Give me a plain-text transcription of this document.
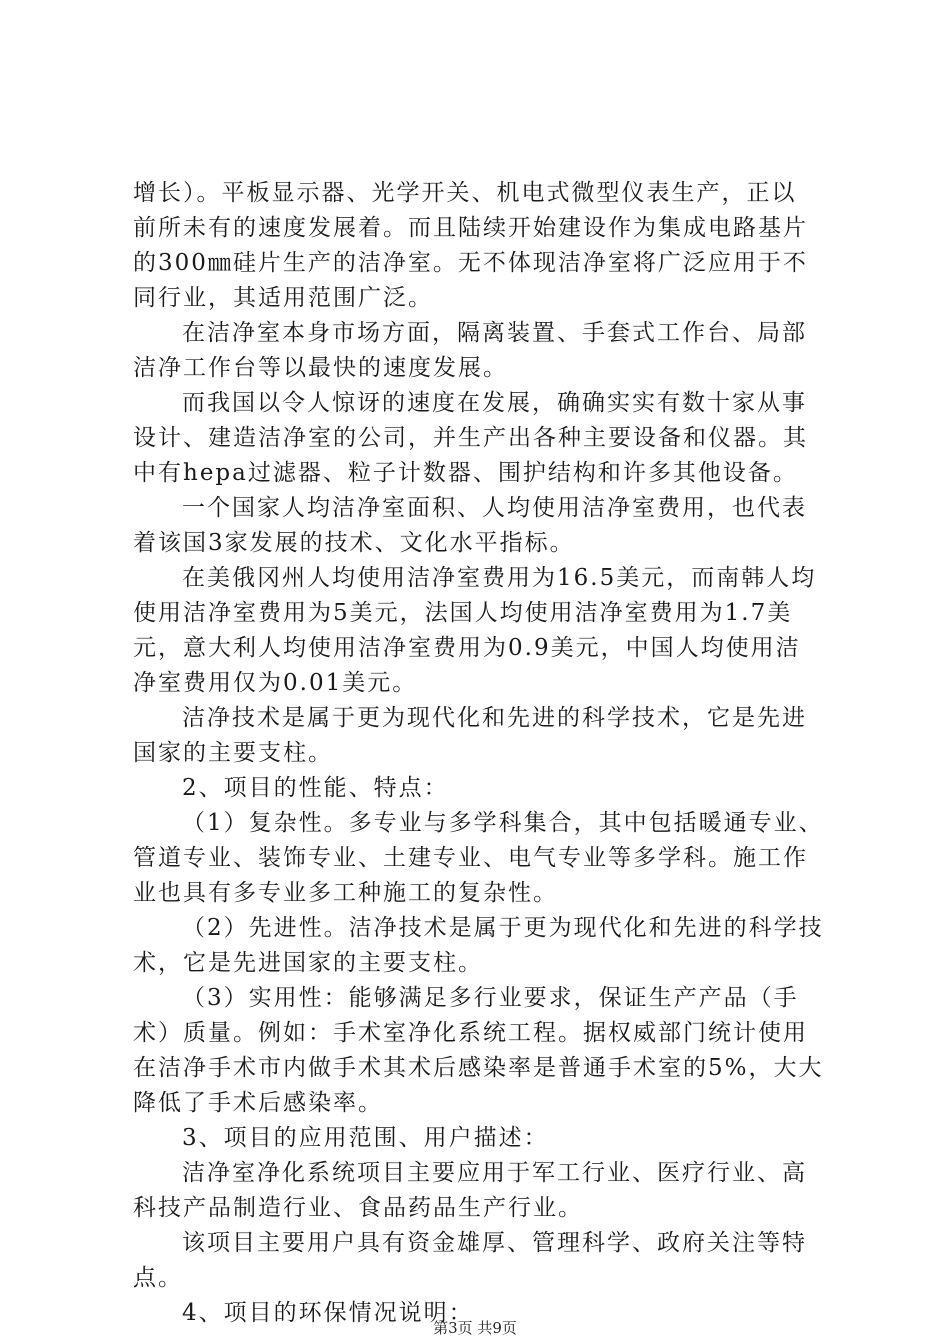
增长）。平板显示器、光学开关、机电式微型仪表生产，正以
前所未有的速度发展着。而且陆续开始建设作为集成电路基片
的300㎜硅片生产的洁净室。无不体现洁净室将广泛应用于不
同行业，其适用范围广泛。
在洁净室本身市场方面，隔离装置、手套式工作台、局部
洁净工作台等以最快的速度发展。
而我国以令人惊讶的速度在发展，确确实实有数十家从事
设计、建造洁净室的公司，并生产出各种主要设备和仪器。其
中有hepa过滤器、粒子计数器、围护结构和许多其他设备。
一个国家人均洁净室面积、人均使用洁净室费用，也代表
着该国3家发展的技术、文化水平指标。
在美俄冈州人均使用洁净室费用为16.5美元，而南韩人均
使用洁净室费用为5美元，法国人均使用洁净室费用为1.7美
元，意大利人均使用洁净室费用为0.9美元，中国人均使用洁
净室费用仅为0.01美元。
洁净技术是属于更为现代化和先进的科学技术，它是先进
国家的主要支柱。
2、项目的性能、特点：
（1）复杂性。多专业与多学科集合，其中包括暖通专业、
管道专业、装饰专业、土建专业、电气专业等多学科。施工作
业也具有多专业多工种施工的复杂性。
（2）先进性。洁净技术是属于更为现代化和先进的科学技
术，它是先进国家的主要支柱。
（3）实用性：能够满足多行业要求，保证生产产品（手
术）质量。例如：手术室净化系统工程。据权威部门统计使用
在洁净手术市内做手术其术后感染率是普通手术室的5%，大大
降低了手术后感染率。
3、项目的应用范围、用户描述：
洁净室净化系统项目主要应用于军工行业、医疗行业、高
科技产品制造行业、食品药品生产行业。
该项目主要用户具有资金雄厚、管理科学、政府关注等特
点。
4、项目的环保情况说明：
第3页 共9页
